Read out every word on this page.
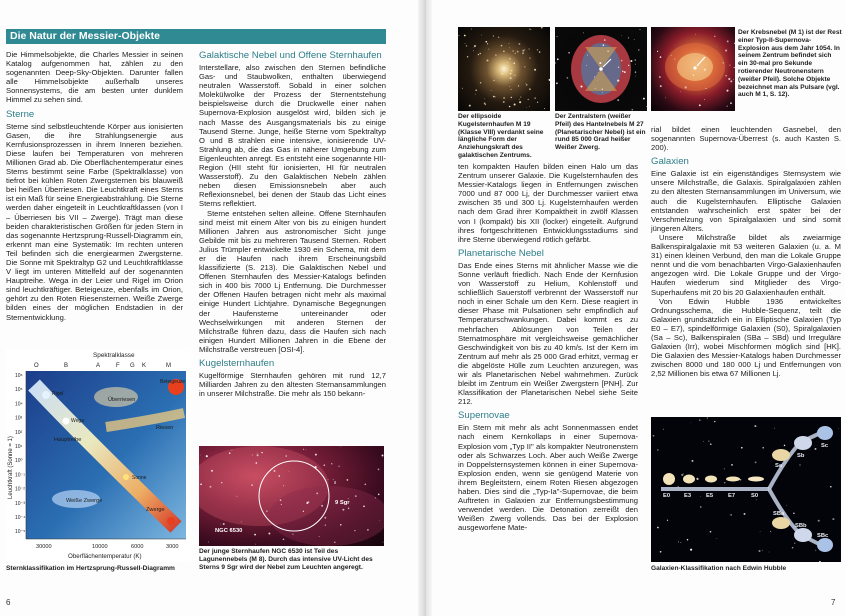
Die Natur der Messier-Objekte

Die Himmelsobjekte, die Charles Messier in seinen Katalog aufgenommen hat, zählen zu den sogenannten Deep-Sky-Objekten. Darunter fallen alle Himmelsobjekte außerhalb unseres Sonnensystems, die am besten unter dunklem Himmel zu sehen sind.

Sterne

Sterne sind selbstleuchtende Körper aus ionisierten Gasen, die ihre Strahlungsenergie aus Kernfusionsprozessen in ihrem Inneren beziehen. Diese laufen bei Temperaturen von mehreren Millionen Grad ab. Die Oberflächentemperatur eines Sterns bestimmt seine Farbe (Spektralklasse) von tiefrot bei kühlen Roten Zwergsternen bis blauweiß bei heißen Überriesen. Die Leuchtkraft eines Sterns ist ein Maß für seine Energieabstrahlung. Die Sterne werden daher eingeteilt in Leuchtkraftklassen (von I – Überriesen bis VII – Zwerge). Trägt man diese beiden charakteristischen Größen für jeden Stern in das sogenannte Hertzsprung-Russell-Diagramm ein, erkennt man eine Systematik: Im rechten unteren Teil befinden sich die energiearmen Zwergsterne. Die Sonne mit Spektraltyp G2 und Leuchtkraftklasse V liegt im unteren Mittelfeld auf der sogenannten Hauptreihe. Wega in der Leier und Rigel im Orion sind leuchtkräftiger. Beteigeuze, ebenfalls im Orion, gehört zu den Roten Riesensternen. Weiße Zwerge bilden eines der möglichen Endstadien in der Sternentwicklung.

Spektralklasse
O	B	A	F G K	M
10⁶
10⁵
10⁴
10³
10²
10¹
10⁰
10⁻¹
10⁻²
10⁻³
10⁻⁴
10⁻⁵
30000	10000	6000	3000
Leuchtkraft (Sonne = 1)
Oberflächentemperatur (K)
Überriesen
Riesen
Hauptreihe
Weiße Zwerge
Zwerge
Beteigeuze
Rigel
Wega
Sonne
Sternklassifikation im Hertzsprung-Russell-Diagramm
Galaktische Nebel und Offene Sternhaufen

Interstellare, also zwischen den Sternen befindliche Gas- und Staubwolken, enthalten überwiegend neutralen Wasserstoff. Sobald in einer solchen Molekülwolke der Prozess der Sternentstehung beispielsweise durch die Druckwelle einer nahen Supernova-Explosion ausgelöst wird, bilden sich je nach Masse des Ausgangsmaterials bis zu einige Tausend Sterne. Junge, heiße Sterne vom Spektraltyp O und B strahlen eine intensive, ionisierende UV-Strahlung ab, die das Gas in näherer Umgebung zum Eigenleuchten anregt. Es entsteht eine sogenannte HII-Region (HII steht für ionisierten, HI für neutralen Wasserstoff). Zu den Galaktischen Nebeln zählen neben diesen Emissionsnebeln aber auch Reflexionsnebel, bei denen der Staub das Licht eines Sterns reflektiert.

Sterne entstehen selten alleine. Offene Sternhaufen sind meist mit einem Alter von bis zu einigen hundert Millionen Jahren aus astronomischer Sicht junge Gebilde mit bis zu mehreren Tausend Sternen. Robert Julius Trümpler entwickelte 1930 ein Schema, mit dem er die Haufen nach ihrem Erscheinungsbild klassifizierte (S. 213). Die Galaktischen Nebel und Offenen Sternhaufen des Messier-Katalogs befinden sich in 400 bis 7000 Lj Entfernung. Die Durchmesser der Offenen Haufen betragen nicht mehr als maximal einige Hundert Lichtjahre. Dynamische Begegnungen der Haufensterne untereinander oder Wechselwirkungen mit anderen Sternen der Milchstraße führen dazu, dass die Haufen sich nach einigen Hundert Millionen Jahren in die Ebene der Milchstraße verstreuen [OSI-4].

Kugelsternhaufen

Kugelförmige Sternhaufen gehören mit rund 12,7 Milliarden Jahren zu den ältesten Sternansammlungen in unserer Milchstraße. Die mehr als 150 bekann-

NGC 6530
9 Sgr
Der junge Sternhaufen NGC 6530 ist Teil des Lagunennebels (M 8). Durch das intensive UV-Licht des Sterns 9 Sgr wird der Nebel zum Leuchten angeregt.
Der ellipsoide Kugelsternhaufen M 19 (Klasse VIII) verdankt seine längliche Form der Anziehungskraft des galaktischen Zentrums.
Der Zentralstern (weißer Pfeil) des Hantelnebels M 27 (Planetarischer Nebel) ist ein rund 85 000 Grad heißer Weißer Zwerg.
Der Krebsnebel (M 1) ist der Rest einer Typ-II-Supernova-Explosion aus dem Jahr 1054. In seinem Zentrum befindet sich ein 30-mal pro Sekunde rotierender Neutronenstern (weißer Pfeil). Solche Objekte bezeichnet man als Pulsare (vgl. auch M 1, S. 12).

ten kompakten Haufen bilden einen Halo um das Zentrum unserer Galaxie. Die Kugelsternhaufen des Messier-Katalogs liegen in Entfernungen zwischen 7000 und 87 000 Lj, der Durchmesser variiert etwa zwischen 35 und 300 Lj. Kugelsternhaufen werden nach dem Grad ihrer Kompaktheit in zwölf Klassen von I (kompakt) bis XII (locker) eingeteilt. Aufgrund ihres fortgeschrittenen Entwicklungsstadiums sind ihre Sterne überwiegend rötlich gefärbt.

Planetarische Nebel

Das Ende eines Sterns mit ähnlicher Masse wie die Sonne verläuft friedlich. Nach Ende der Kernfusion von Wasserstoff zu Helium, Kohlenstoff und schließlich Sauerstoff verbrennt der Wasserstoff nur noch in einer Schale um den Kern. Diese reagiert in dieser Phase mit Pulsationen sehr empfindlich auf Temperaturschwankungen. Dabei kommt es zu mehrfachen Ablösungen von Teilen der Sternatmosphäre mit vergleichsweise gemächlicher Geschwindigkeit von bis zu 40 km/s. Ist der Kern im Zentrum auf mehr als 25 000 Grad erhitzt, vermag er die abgelöste Hülle zum Leuchten anzuregen, was wir als Planetarischen Nebel wahrnehmen. Zurück bleibt im Zentrum ein Weißer Zwergstern [PNH]. Zur Klassifikation der Planetarischen Nebel siehe Seite 212.

Supernovae

Ein Stern mit mehr als acht Sonnenmassen endet nach einem Kernkollaps in einer Supernova-Explosion vom „Typ II" als kompakter Neutronenstern oder als Schwarzes Loch. Aber auch Weiße Zwerge in Doppelsternsystemen können in einer Supernova-Explosion enden, wenn sie genügend Materie von ihrem Begleitstern, einem Roten Riesen abgezogen haben. Dies sind die „Typ-Ia"-Supernovae, die beim Auftreten in Galaxien zur Entfernungsbestimmung verwendet werden. Die Detonation zerreißt den Weißen Zwerg vollends. Das bei der Explosion ausgeworfene Mate-

rial bildet einen leuchtenden Gasnebel, den sogenannten Supernova-Überrest (s. auch Kasten S. 200).

Galaxien

Eine Galaxie ist ein eigenständiges Sternsystem wie unsere Milchstraße, die Galaxis. Spiralgalaxien zählen zu den ältesten Sternansammlungen im Universum, wie auch die Kugelsternhaufen. Elliptische Galaxien entstanden wahrscheinlich erst später bei der Verschmelzung von Spiralgalaxien und sind somit jüngeren Alters.

Unsere Milchstraße bildet als zweiarmige Balkenspiralgalaxie mit 53 weiteren Galaxien (u. a. M 31) einen kleinen Verbund, den man die Lokale Gruppe nennt und die vom benachbarten Virgo-Galaxienhaufen angezogen wird. Die Lokale Gruppe und der Virgo-Haufen wiederum sind Mitglieder des Virgo-Superhaufens mit 20 bis 20 Galaxienhaufen enthält.

Von Edwin Hubble 1936 entwickeltes Ordnungsschema, die Hubble-Sequenz, teilt die Galaxien grundsätzlich ein in Elliptische Galaxien (Typ E0 – E7), spindelförmige Galaxien (S0), Spiralgalaxien (Sa – Sc), Balkenspiralen (SBa – SBd) und Irreguläre Galaxien (Irr), wobei Mischformen möglich sind [HK]. Die Galaxien des Messier-Katalogs haben Durchmesser zwischen 8000 und 180 000 Lj und Entfernungen von 2,52 Millionen bis etwa 67 Millionen Lj.

E0 E3	E5	E7	S0
Sa
Sb
Sc
SBa
SBb
SBc
Galaxien-Klassifikation nach Edwin Hubble
6	7
